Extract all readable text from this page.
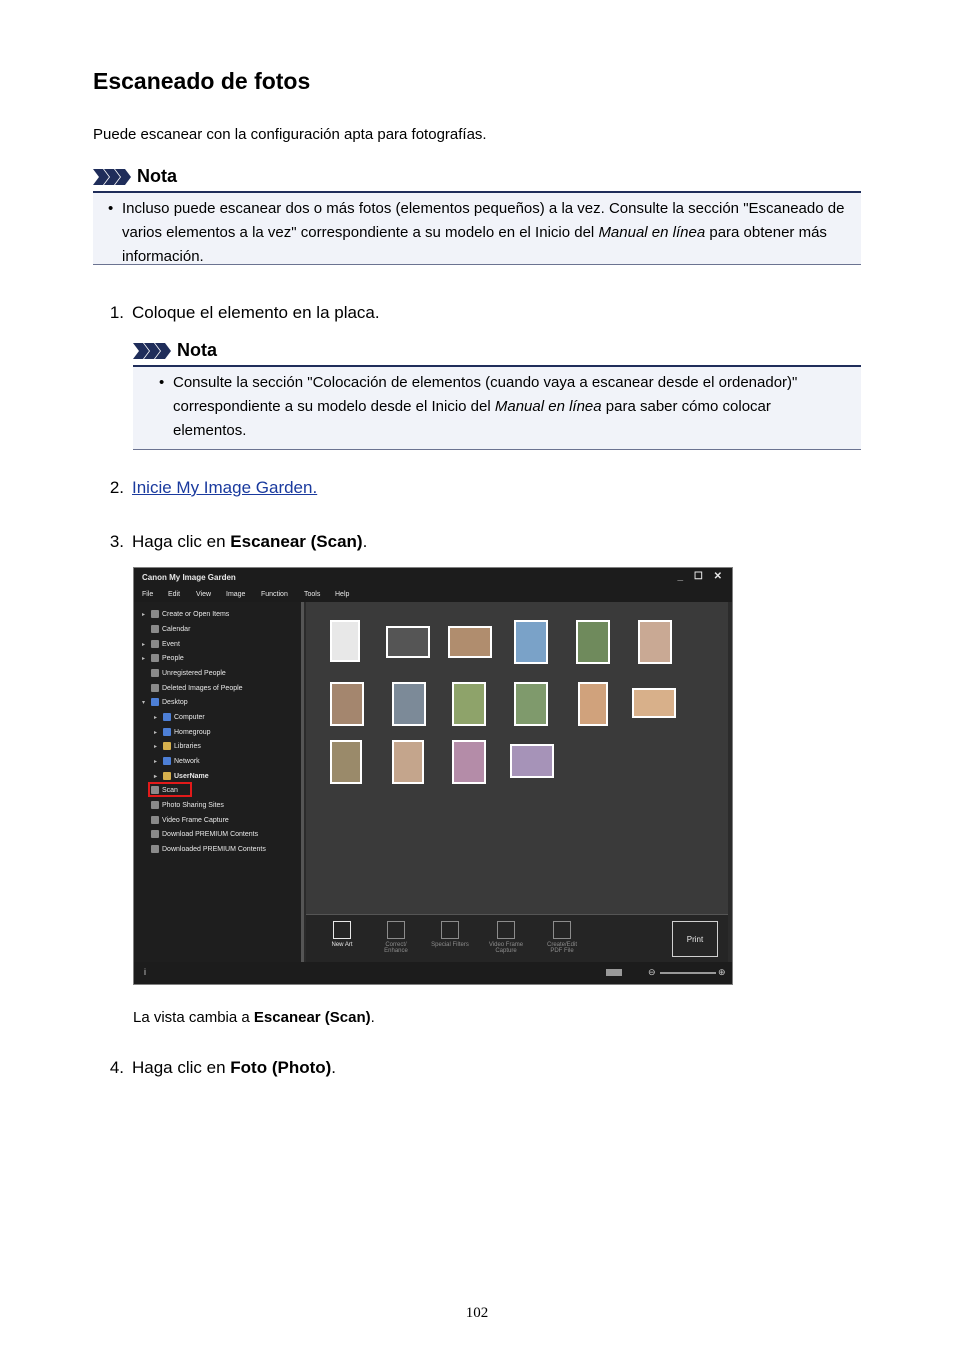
Escaneado de fotos
Puede escanear con la configuración apta para fotografías.
Nota
• Incluso puede escanear dos o más fotos (elementos pequeños) a la vez. Consulte la sección "Escaneado de varios elementos a la vez" correspondiente a su modelo en el Inicio del Manual en línea para obtener más información.
1. Coloque el elemento en la placa.
Nota
• Consulte la sección "Colocación de elementos (cuando vaya a escanear desde el ordenador)" correspondiente a su modelo desde el Inicio del Manual en línea para saber cómo colocar elementos.
2. Inicie My Image Garden.
3. Haga clic en Escanear (Scan).
Canon My Image Garden	_ ☐ ✕
File Edit View Image Function Tools Help
▸	Create or Open Items
Calendar
▸	Event
▸	People
Unregistered People
Deleted Images of People
▾	Desktop
▸	Computer
▸	Homegroup
▸	Libraries
▸	Network
▸	UserName
Scan
Photo Sharing Sites
Video Frame Capture
Download PREMIUM Contents
Downloaded PREMIUM Contents
New Art	Correct/ Enhance
Special Filters	Video Frame Capture
Create/Edit PDF File
Print
i	⊖	⊕
La vista cambia a Escanear (Scan).
4. Haga clic en Foto (Photo).
102
